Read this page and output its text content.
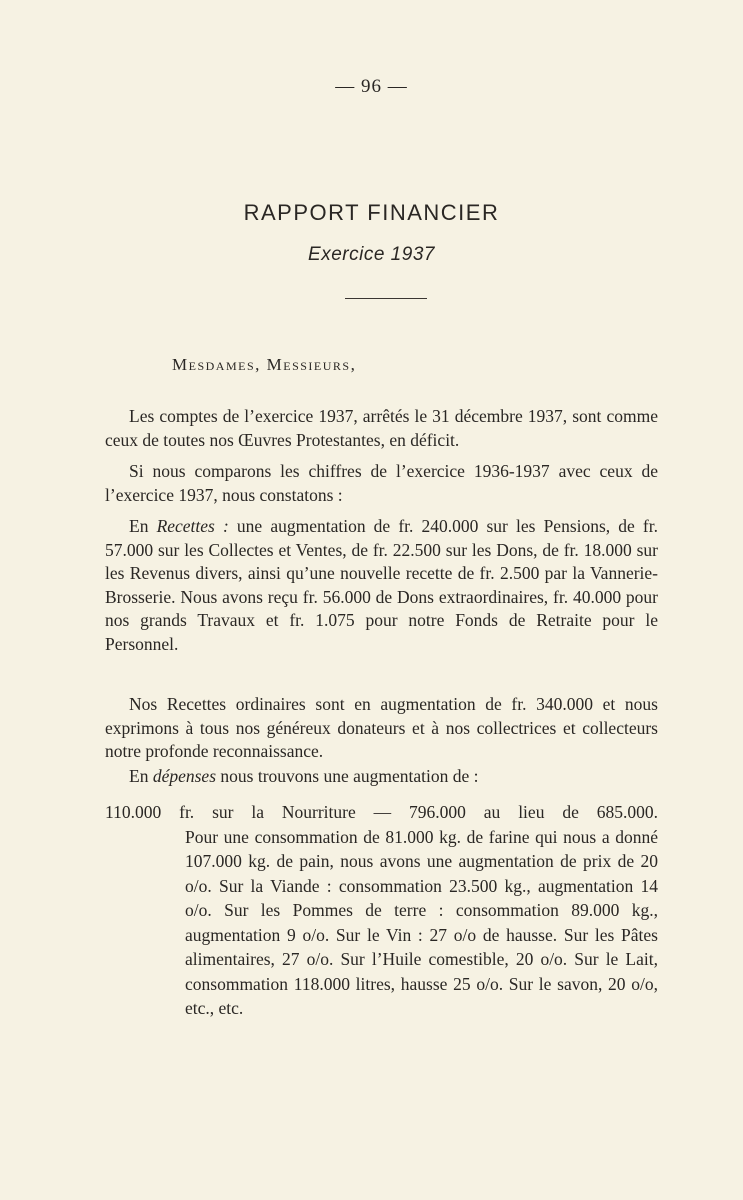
— 96 —
RAPPORT FINANCIER
Exercice 1937
Mesdames, Messieurs,

Les comptes de l’exercice 1937, arrêtés le 31 décembre 1937, sont comme ceux de toutes nos Œuvres Protestantes, en déficit.

Si nous comparons les chiffres de l’exercice 1936-1937 avec ceux de l’exercice 1937, nous constatons :

En Recettes : une augmentation de fr. 240.000 sur les Pensions, de fr. 57.000 sur les Collectes et Ventes, de fr. 22.500 sur les Dons, de fr. 18.000 sur les Revenus divers, ainsi qu’une nouvelle recette de fr. 2.500 par la Vannerie-Brosserie. Nous avons reçu fr. 56.000 de Dons extraordinaires, fr. 40.000 pour nos grands Travaux et fr. 1.075 pour notre Fonds de Retraite pour le Personnel.

Nos Recettes ordinaires sont en augmentation de fr. 340.000 et nous exprimons à tous nos généreux donateurs et à nos collectrices et collecteurs notre profonde reconnaissance.

En dépenses nous trouvons une augmentation de :

110.000 fr. sur la Nourriture — 796.000 au lieu de 685.000.
Pour une consommation de 81.000 kg. de farine qui nous a donné 107.000 kg. de pain, nous avons une augmentation de prix de 20 o/o. Sur la Viande : consommation 23.500 kg., augmentation 14 o/o. Sur les Pommes de terre : consommation 89.000 kg., augmentation 9 o/o. Sur le Vin : 27 o/o de hausse. Sur les Pâtes alimentaires, 27 o/o. Sur l’Huile comestible, 20 o/o. Sur le Lait, consommation 118.000 litres, hausse 25 o/o. Sur le savon, 20 o/o, etc., etc.
